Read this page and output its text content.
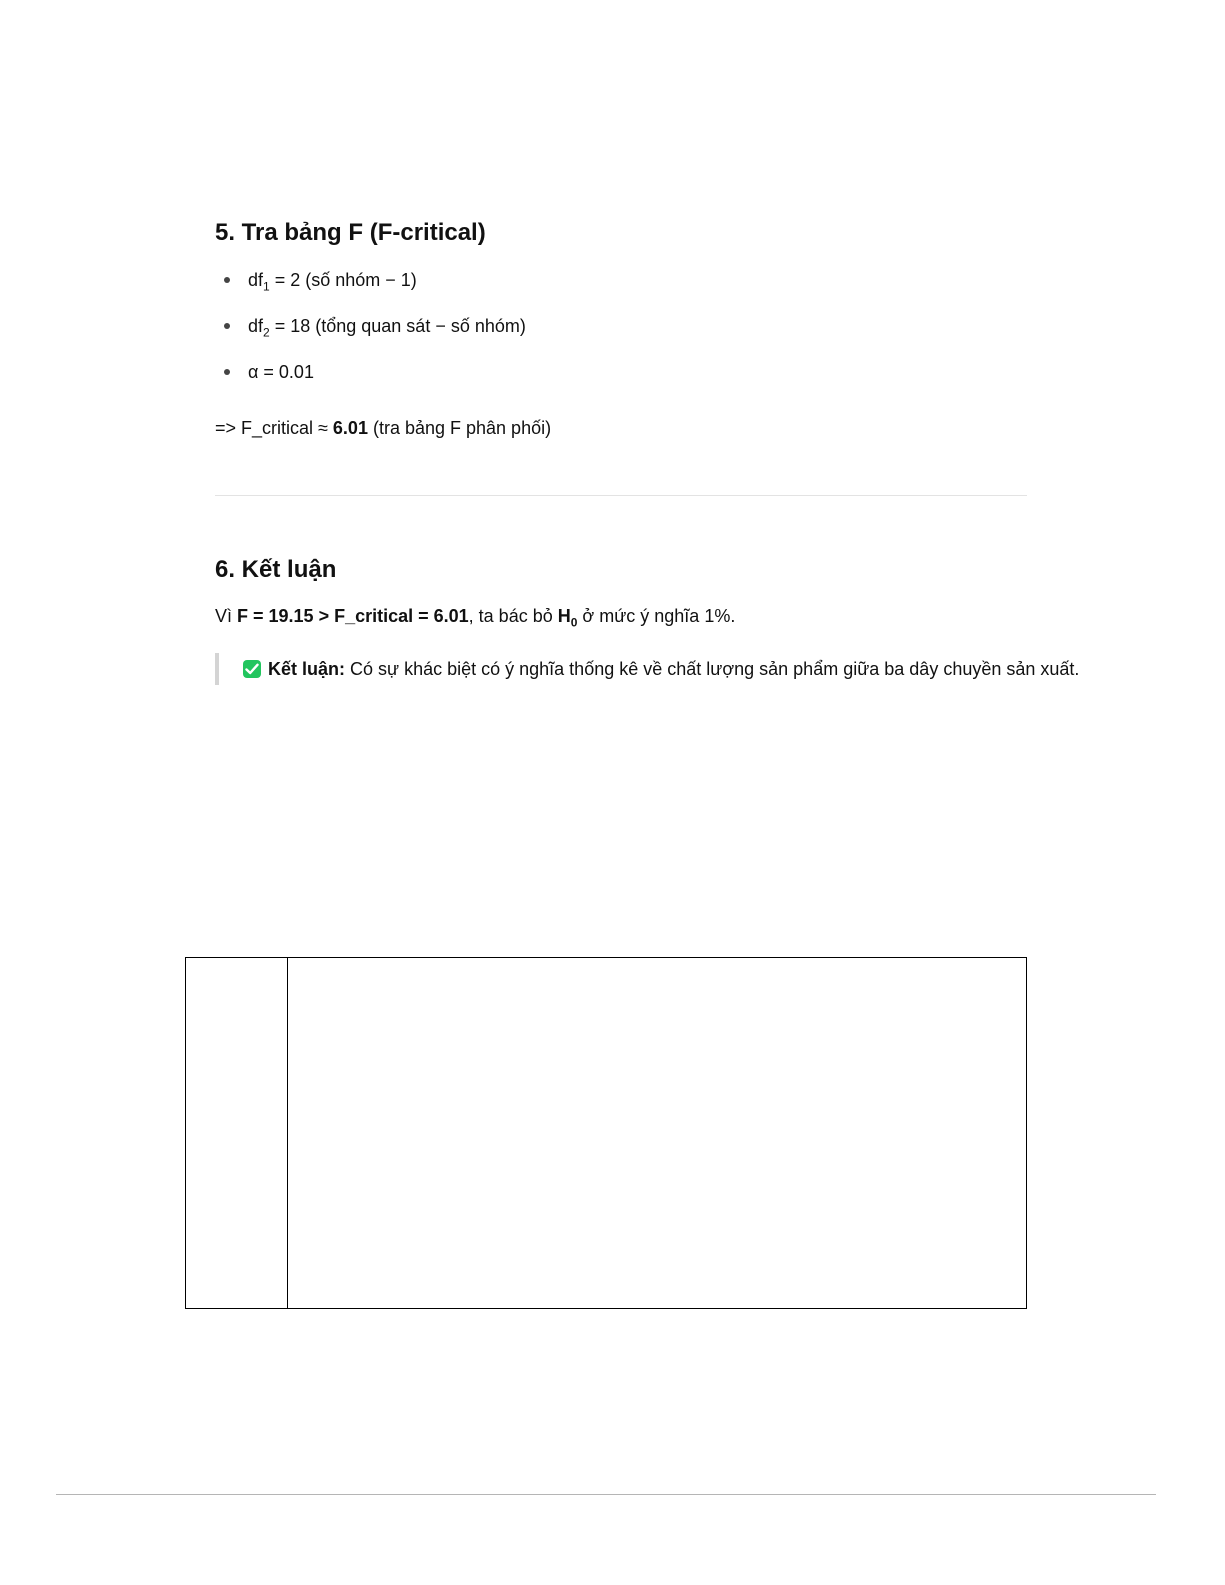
5. Tra bảng F (F-critical)
$df_1 = 2$ (số nhóm − 1)
$df_2 = 18$ (tổng quan sát − số nhóm)
α = 0.01
=> F_critical ≈ 6.01 (tra bảng F phân phối)
6. Kết luận
Vì F = 19.15 > F_critical = 6.01, ta bác bỏ $H_0$ ở mức ý nghĩa 1%.
Kết luận: Có sự khác biệt có ý nghĩa thống kê về chất lượng sản phẩm giữa ba dây chuyền sản xuất.
